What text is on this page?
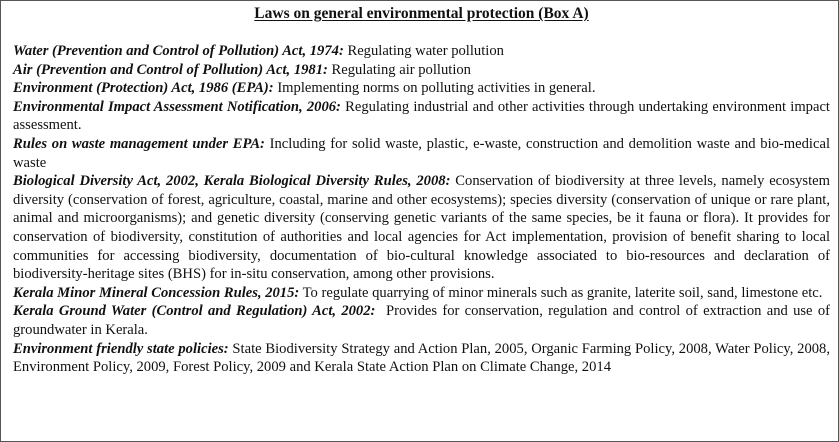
Laws on general environmental protection (Box A)

Water (Prevention and Control of Pollution) Act, 1974: Regulating water pollution

Air (Prevention and Control of Pollution) Act, 1981: Regulating air pollution

Environment (Protection) Act, 1986 (EPA): Implementing norms on polluting activities in general.

Environmental Impact Assessment Notification, 2006: Regulating industrial and other activities through undertaking environment impact assessment.

Rules on waste management under EPA: Including for solid waste, plastic, e-waste, construction and demolition waste and bio-medical waste

Biological Diversity Act, 2002, Kerala Biological Diversity Rules, 2008: Conservation of biodiversity at three levels, namely ecosystem diversity (conservation of forest, agriculture, coastal, marine and other ecosystems); species diversity (conservation of unique or rare plant, animal and microorganisms); and genetic diversity (conserving genetic variants of the same species, be it fauna or flora). It provides for conservation of biodiversity, constitution of authorities and local agencies for Act implementation, provision of benefit sharing to local communities for accessing biodiversity, documentation of bio-cultural knowledge associated to bio-resources and declaration of biodiversity-heritage sites (BHS) for in-situ conservation, among other provisions.

Kerala Minor Mineral Concession Rules, 2015: To regulate quarrying of minor minerals such as granite, laterite soil, sand, limestone etc.

Kerala Ground Water (Control and Regulation) Act, 2002:  Provides for conservation, regulation and control of extraction and use of groundwater in Kerala.

Environment friendly state policies: State Biodiversity Strategy and Action Plan, 2005, Organic Farming Policy, 2008, Water Policy, 2008, Environment Policy, 2009, Forest Policy, 2009 and Kerala State Action Plan on Climate Change, 2014
